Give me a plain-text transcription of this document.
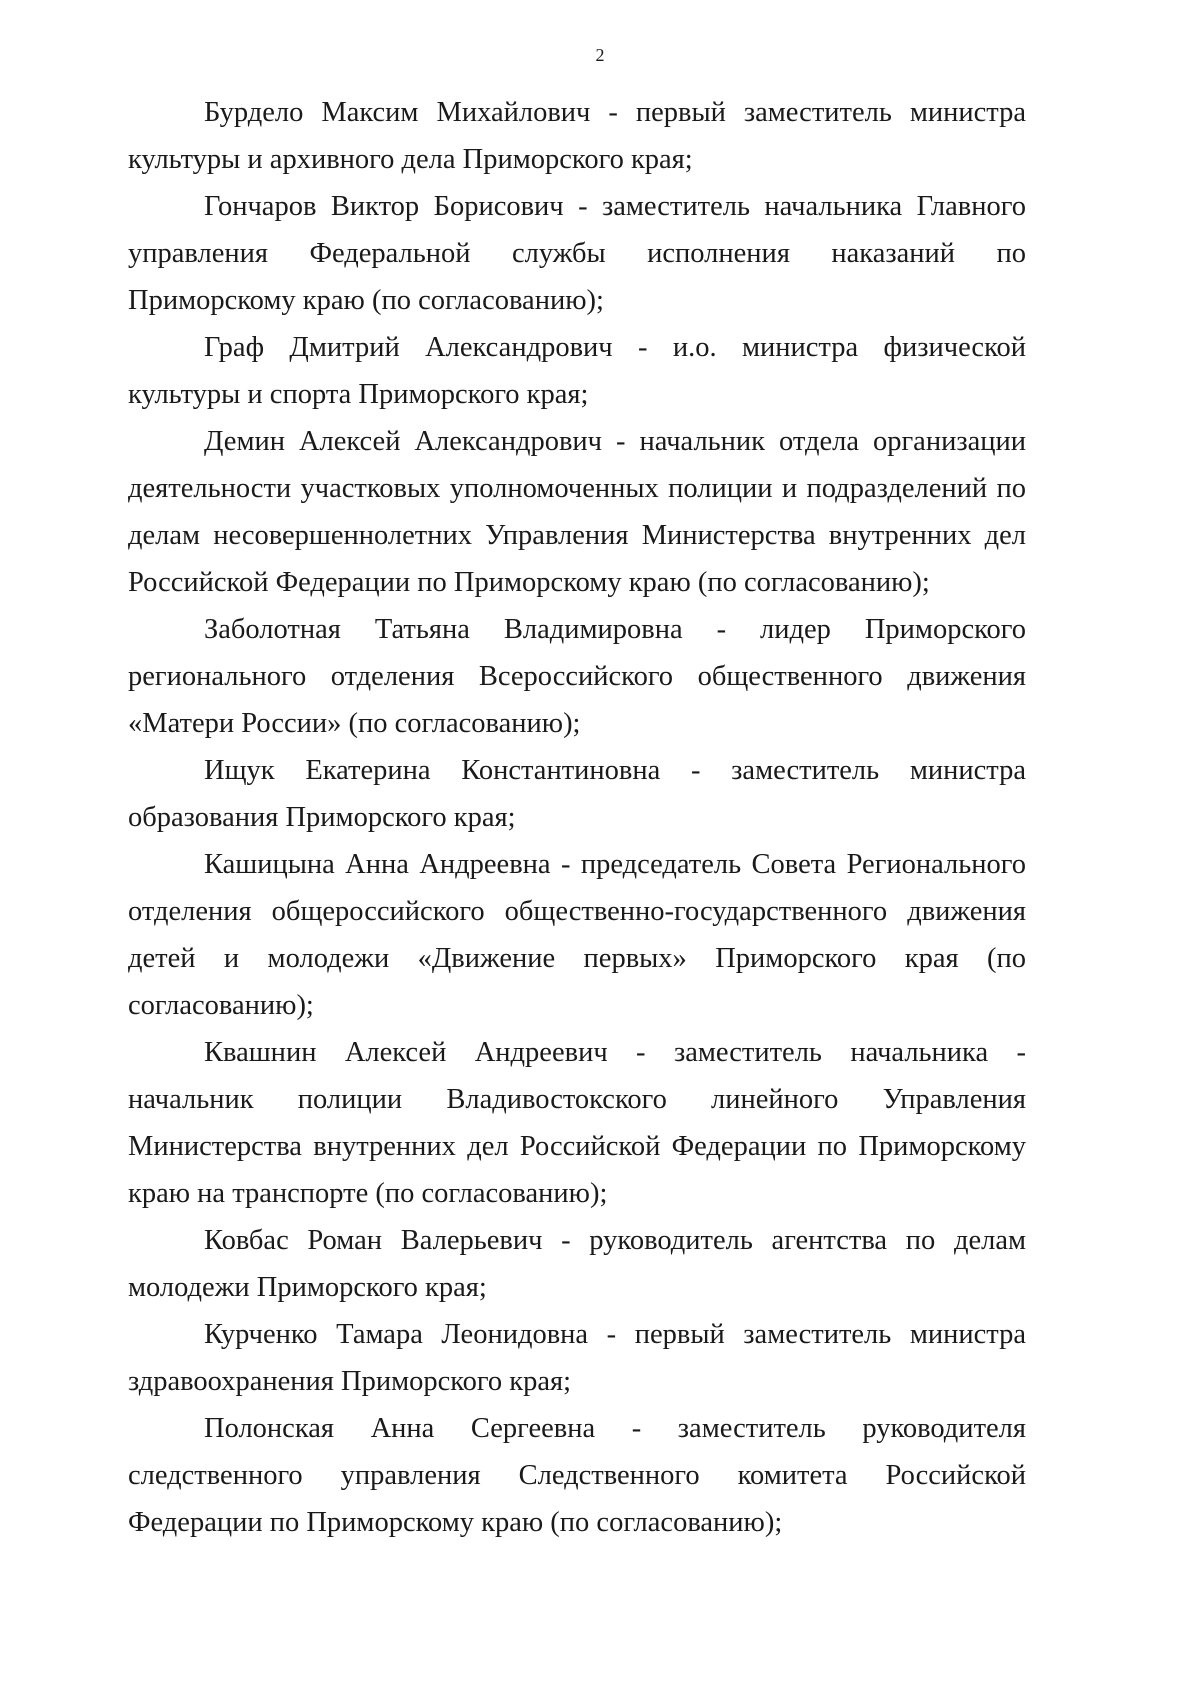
2

Бурдело Максим Михайлович - первый заместитель министра культуры и архивного дела Приморского края;

Гончаров Виктор Борисович - заместитель начальника Главного управления Федеральной службы исполнения наказаний по Приморскому краю (по согласованию);

Граф Дмитрий Александрович - и.о. министра физической культуры и спорта Приморского края;

Демин Алексей Александрович - начальник отдела организации деятельности участковых уполномоченных полиции и подразделений по делам несовершеннолетних Управления Министерства внутренних дел Российской Федерации по Приморскому краю (по согласованию);

Заболотная Татьяна Владимировна - лидер Приморского регионального отделения Всероссийского общественного движения «Матери России» (по согласованию);

Ищук Екатерина Константиновна - заместитель министра образования Приморского края;

Кашицына Анна Андреевна - председатель Совета Регионального отделения общероссийского общественно-государственного движения детей и молодежи «Движение первых» Приморского края (по согласованию);

Квашнин Алексей Андреевич - заместитель начальника - начальник полиции Владивостокского линейного Управления Министерства внутренних дел Российской Федерации по Приморскому краю на транспорте (по согласованию);

Ковбас Роман Валерьевич - руководитель агентства по делам молодежи Приморского края;

Курченко Тамара Леонидовна - первый заместитель министра здравоохранения Приморского края;

Полонская Анна Сергеевна - заместитель руководителя следственного управления Следственного комитета Российской Федерации по Приморскому краю (по согласованию);
